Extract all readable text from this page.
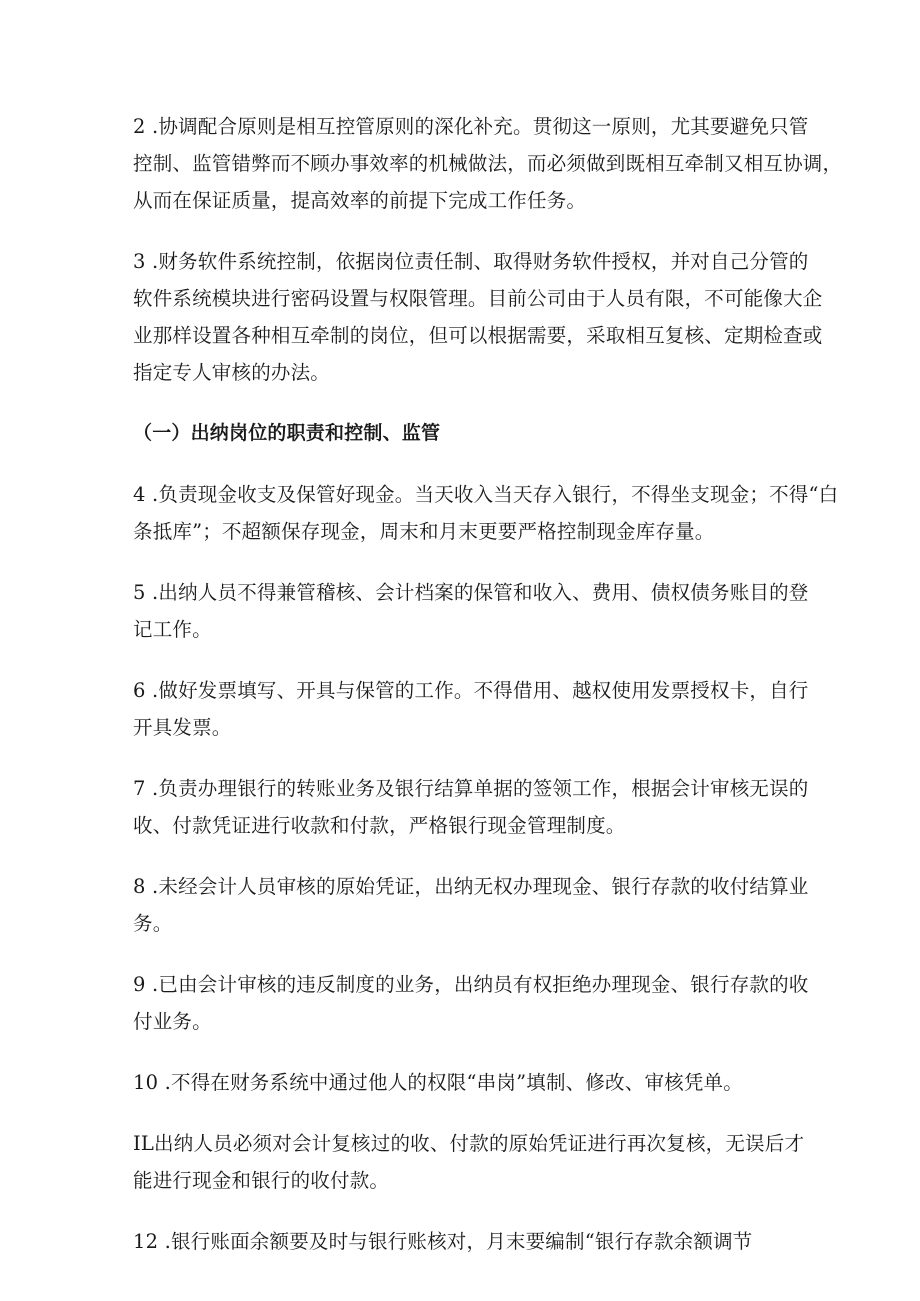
2 .协调配合原则是相互控管原则的深化补充。贯彻这一原则，尤其要避免只管
控制、监管错弊而不顾办事效率的机械做法，而必须做到既相互牵制又相互协调，
从而在保证质量，提高效率的前提下完成工作任务。

3 .财务软件系统控制，依据岗位责任制、取得财务软件授权，并对自己分管的
软件系统模块进行密码设置与权限管理。目前公司由于人员有限，不可能像大企
业那样设置各种相互牵制的岗位，但可以根据需要，采取相互复核、定期检查或
指定专人审核的办法。

（一）出纳岗位的职责和控制、监管

4 .负责现金收支及保管好现金。当天收入当天存入银行，不得坐支现金；不得“白
条抵库”；不超额保存现金，周末和月末更要严格控制现金库存量。

5 .出纳人员不得兼管稽核、会计档案的保管和收入、费用、债权债务账目的登
记工作。

6 .做好发票填写、开具与保管的工作。不得借用、越权使用发票授权卡，自行
开具发票。

7 .负责办理银行的转账业务及银行结算单据的签领工作，根据会计审核无误的
收、付款凭证进行收款和付款，严格银行现金管理制度。

8 .未经会计人员审核的原始凭证，出纳无权办理现金、银行存款的收付结算业
务。

9 .已由会计审核的违反制度的业务，出纳员有权拒绝办理现金、银行存款的收
付业务。

10 .不得在财务系统中通过他人的权限“串岗”填制、修改、审核凭单。

IL出纳人员必须对会计复核过的收、付款的原始凭证进行再次复核，无误后才
能进行现金和银行的收付款。

12 .银行账面余额要及时与银行账核对，月末要编制“银行存款余额调节
